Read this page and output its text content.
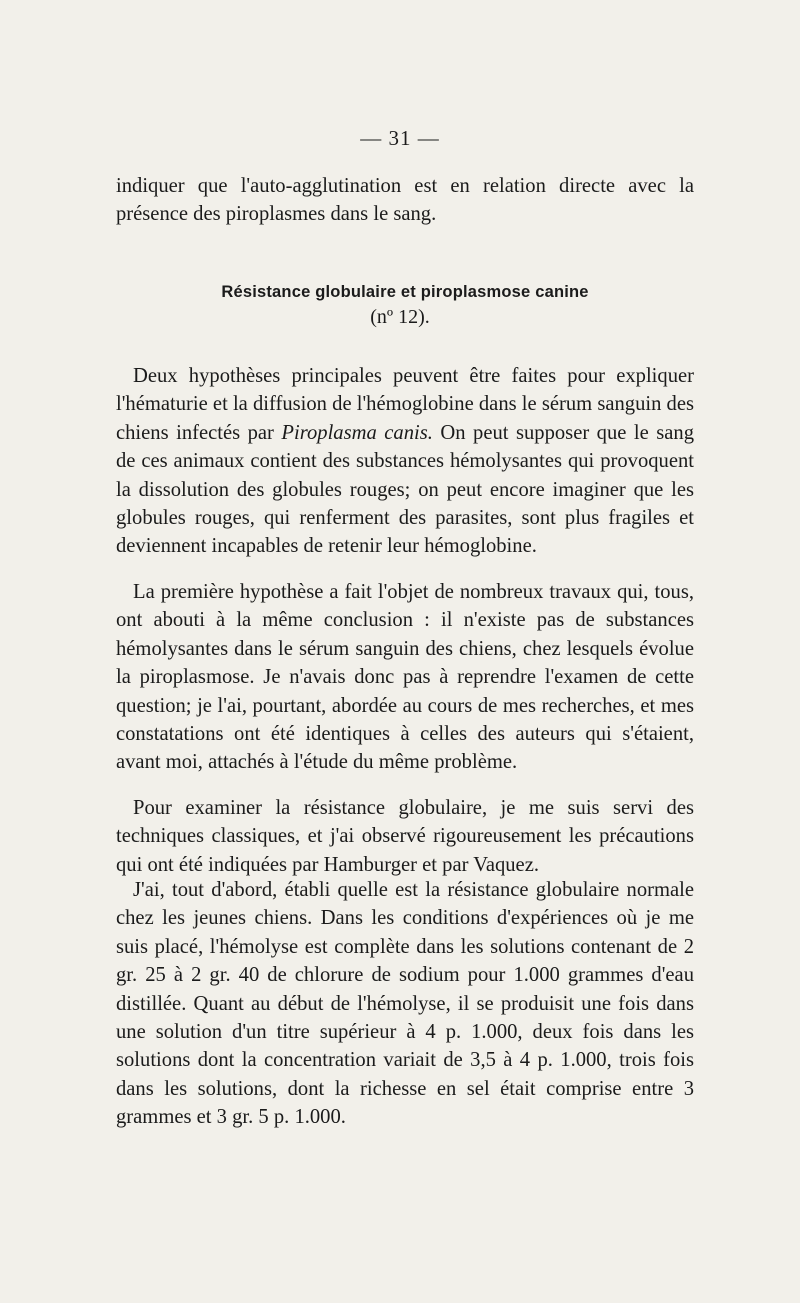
— 31 —
indiquer que l'auto-agglutination est en relation directe avec la
présence des piroplasmes dans le sang.
Résistance globulaire et piroplasmose canine
(nº 12).

Deux hypothèses principales peuvent être faites pour expliquer l'hématurie et la diffusion de l'hémoglobine dans le sérum sanguin des chiens infectés par Piroplasma canis. On peut supposer que le sang de ces animaux contient des substances hémolysantes qui provoquent la dissolution des globules rouges; on peut encore imaginer que les globules rouges, qui renferment des parasites, sont plus fragiles et deviennent incapables de retenir leur hémoglobine.

La première hypothèse a fait l'objet de nombreux travaux qui, tous, ont abouti à la même conclusion : il n'existe pas de substances hémolysantes dans le sérum sanguin des chiens, chez lesquels évolue la piroplasmose. Je n'avais donc pas à reprendre l'examen de cette question; je l'ai, pourtant, abordée au cours de mes recherches, et mes constatations ont été identiques à celles des auteurs qui s'étaient, avant moi, attachés à l'étude du même problème.

Pour examiner la résistance globulaire, je me suis servi des techniques classiques, et j'ai observé rigoureusement les précautions qui ont été indiquées par Hamburger et par Vaquez.

J'ai, tout d'abord, établi quelle est la résistance globulaire normale chez les jeunes chiens. Dans les conditions d'expériences où je me suis placé, l'hémolyse est complète dans les solutions contenant de 2 gr. 25 à 2 gr. 40 de chlorure de sodium pour 1.000 grammes d'eau distillée. Quant au début de l'hémolyse, il se produisit une fois dans une solution d'un titre supérieur à 4 p. 1.000, deux fois dans les solutions dont la concentration variait de 3,5 à 4 p. 1.000, trois fois dans les solutions, dont la richesse en sel était comprise entre 3 grammes et 3 gr. 5 p. 1.000.
